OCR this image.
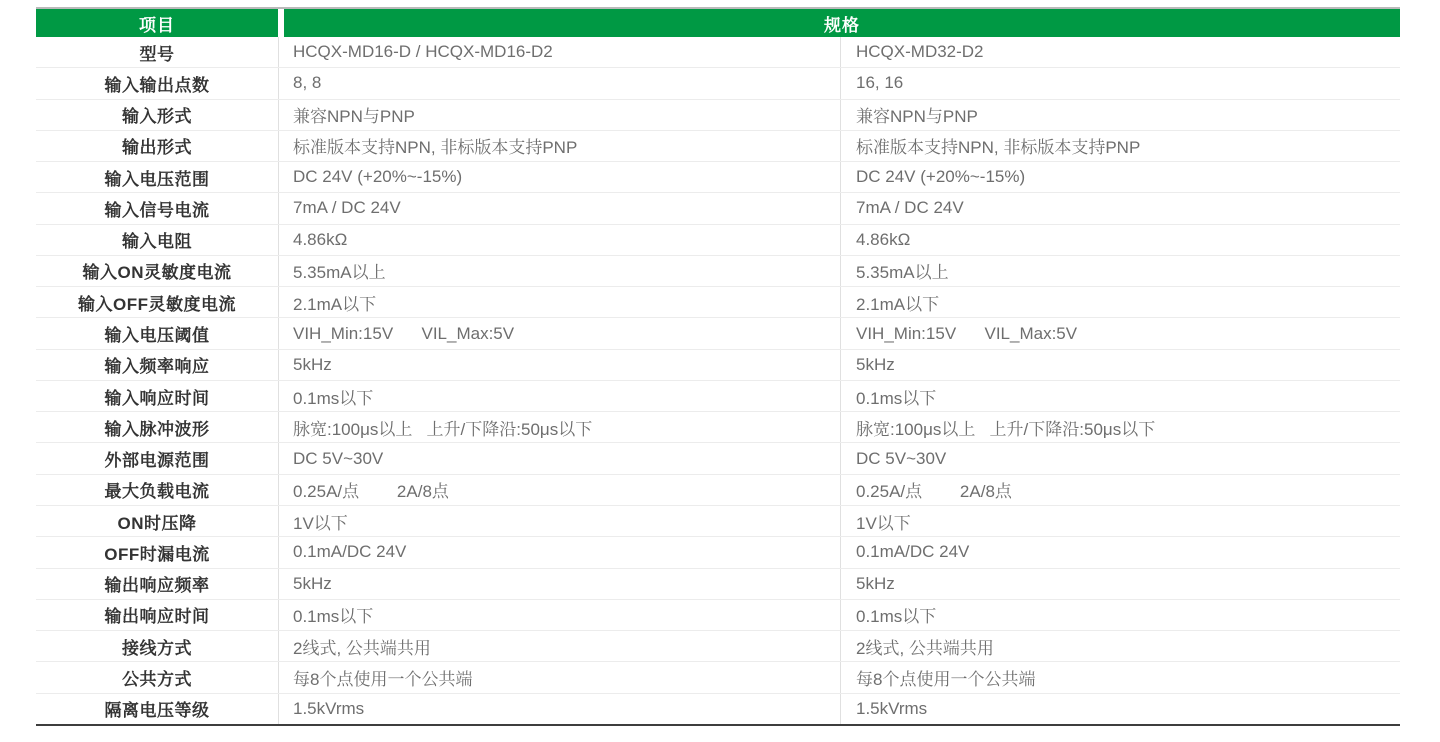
项目	规格
型号	HCQX-MD16-D / HCQX-MD16-D2	HCQX-MD32-D2
输入输出点数	8, 8	16, 16
输入形式	兼容NPN与PNP	兼容NPN与PNP
输出形式	标准版本支持NPN, 非标版本支持PNP	标准版本支持NPN, 非标版本支持PNP
输入电压范围	DC 24V (+20%~-15%)	DC 24V (+20%~-15%)
输入信号电流	7mA / DC 24V	7mA / DC 24V
输入电阻	4.86kΩ	4.86kΩ
输入ON灵敏度电流	5.35mA以上	5.35mA以上
输入OFF灵敏度电流	2.1mA以下	2.1mA以下
输入电压阈值	VIH_Min:15V      VIL_Max:5V	VIH_Min:15V      VIL_Max:5V
输入频率响应	5kHz	5kHz
输入响应时间	0.1ms以下	0.1ms以下
输入脉冲波形	脉宽:100μs以上   上升/下降沿:50μs以下	脉宽:100μs以上   上升/下降沿:50μs以下
外部电源范围	DC 5V~30V	DC 5V~30V
最大负载电流	0.25A/点        2A/8点	0.25A/点        2A/8点
ON时压降	1V以下	1V以下
OFF时漏电流	0.1mA/DC 24V	0.1mA/DC 24V
输出响应频率	5kHz	5kHz
输出响应时间	0.1ms以下	0.1ms以下
接线方式	2线式, 公共端共用	2线式, 公共端共用
公共方式	每8个点使用一个公共端	每8个点使用一个公共端
隔离电压等级	1.5kVrms	1.5kVrms
